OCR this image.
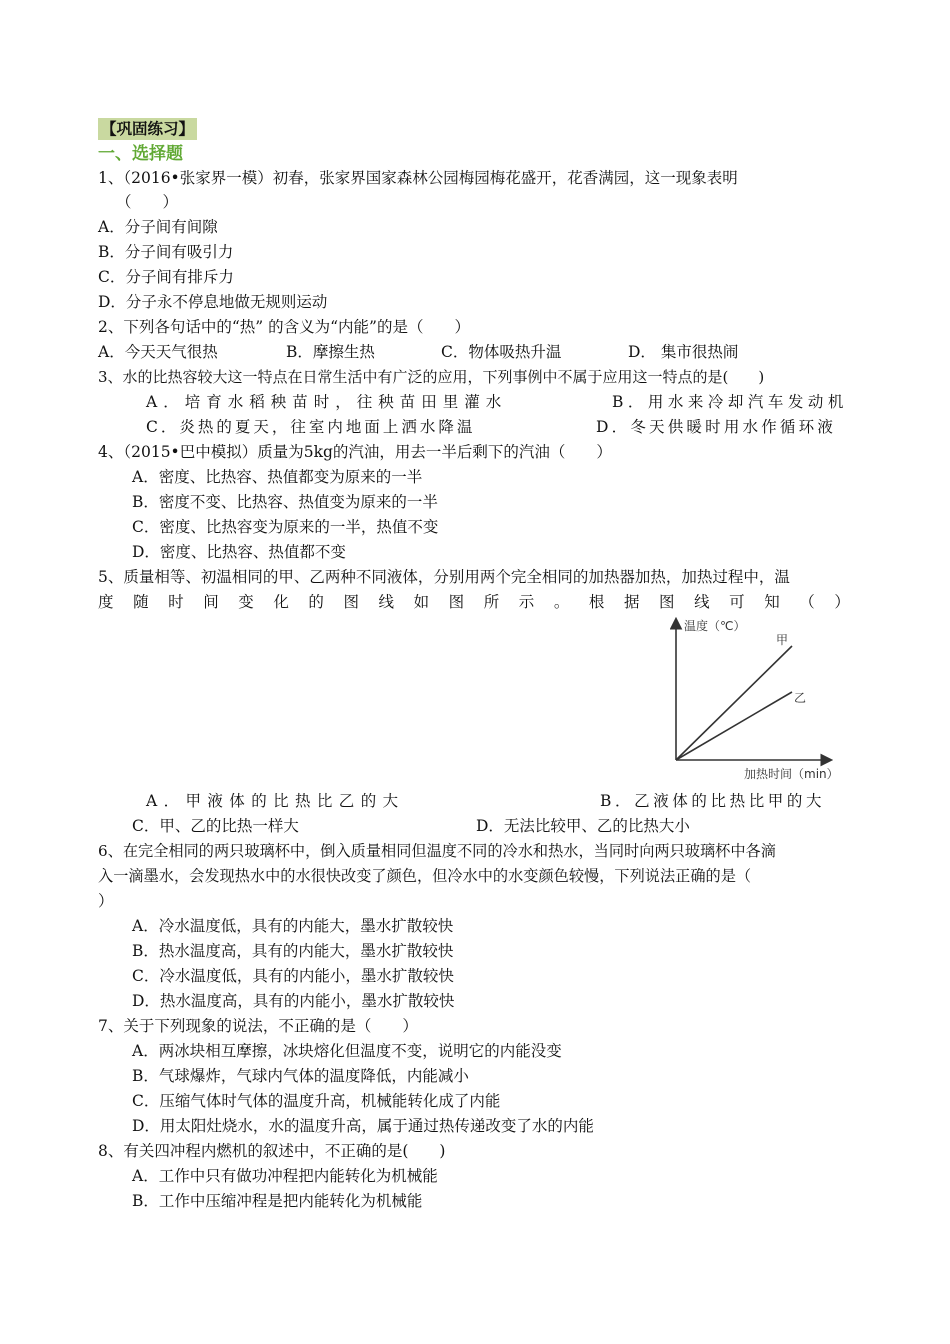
【巩固练习】
一、选择题
1、（2016•张家界一模）初春，张家界国家森林公园梅园梅花盛开，花香满园，这一现象表明
（　　）
A．分子间有间隙
B．分子间有吸引力
C．分子间有排斥力
D．分子永不停息地做无规则运动
2、下列各句话中的“热” 的含义为“内能”的是（　　）
A．今天天气很热	B．摩擦生热	C．物体吸热升温	D． 集市很热闹
3、水的比热容较大这一特点在日常生活中有广泛的应用，下列事例中不属于应用这一特点的是(　　)
A．培育水稻秧苗时，往秧苗田里灌水	B．用水来冷却汽车发动机
C．炎热的夏天，往室内地面上洒水降温	D．冬天供暖时用水作循环液
4、（2015•巴中模拟）质量为5kg的汽油，用去一半后剩下的汽油（　　）
A．密度、比热容、热值都变为原来的一半
B．密度不变、比热容、热值变为原来的一半
C．密度、比热容变为原来的一半，热值不变
D．密度、比热容、热值都不变
5、质量相等、初温相同的甲、乙两种不同液体，分别用两个完全相同的加热器加热，加热过程中，温
度 随 时 间 变 化 的 图 线 如 图 所 示 。 根 据 图 线 可 知 （ ）
温度（℃）
甲
乙
加热时间（min）
A．甲液体的比热比乙的大	B．乙液体的比热比甲的大
C．甲、乙的比热一样大	D．无法比较甲、乙的比热大小
6、在完全相同的两只玻璃杯中，倒入质量相同但温度不同的冷水和热水，当同时向两只玻璃杯中各滴
入一滴墨水，会发现热水中的水很快改变了颜色，但冷水中的水变颜色较慢，下列说法正确的是（
）
A．冷水温度低，具有的内能大，墨水扩散较快
B．热水温度高，具有的内能大，墨水扩散较快
C．冷水温度低，具有的内能小，墨水扩散较快
D．热水温度高，具有的内能小，墨水扩散较快
7、关于下列现象的说法，不正确的是（　　）
A．两冰块相互摩擦，冰块熔化但温度不变，说明它的内能没变
B．气球爆炸，气球内气体的温度降低，内能减小
C．压缩气体时气体的温度升高，机械能转化成了内能
D．用太阳灶烧水，水的温度升高，属于通过热传递改变了水的内能
8、有关四冲程内燃机的叙述中，不正确的是(　　)
A．工作中只有做功冲程把内能转化为机械能
B．工作中压缩冲程是把内能转化为机械能
